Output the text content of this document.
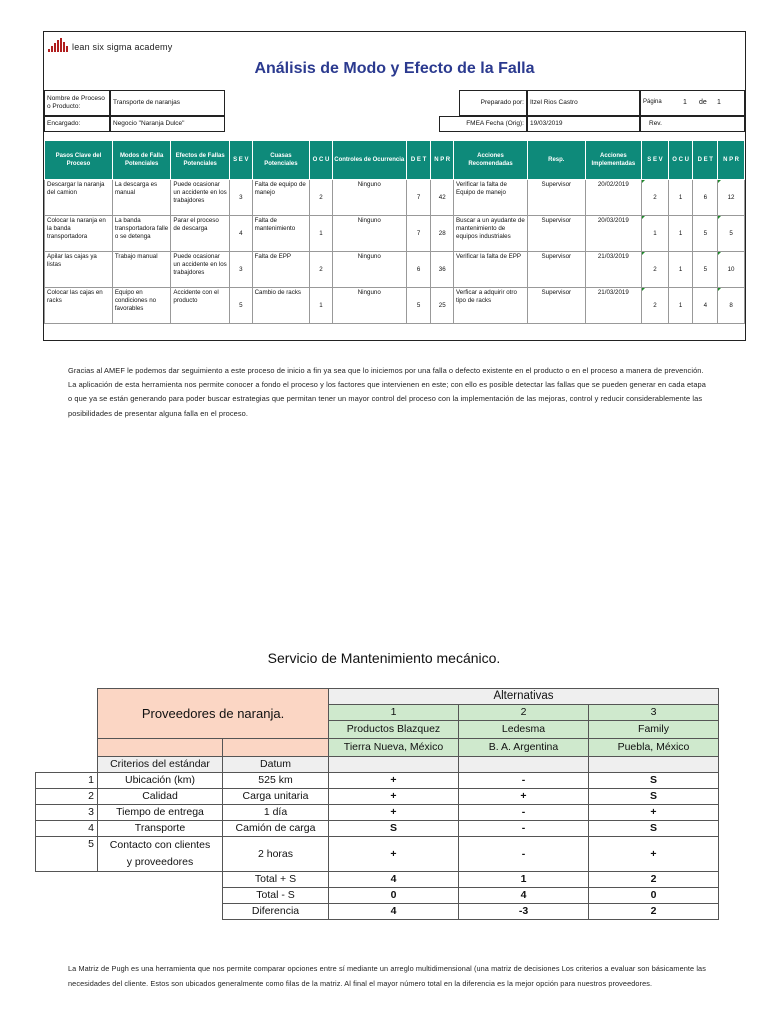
lean six sigma academy
Análisis de Modo y Efecto de la Falla
Nombre de Proceso o Producto:
Transporte de naranjas
Encargado:	Negocio "Naranja Dulce"
Preparado por: Itzel Rios Castro	Página	1	de	1
FMEA Fecha (Orig): 19/03/2019	Rev.
Pasos Clave del Proceso	Modos de Falla Potenciales	Efectos de Fallas Potenciales	S E V	Cuasas Potenciales	O C U	Controles de Ocurrencia	D E T	N P R	Acciones Recomendadas	Resp.	Acciones Implementadas	S E V	O C U	D E T	N P R
Descargar la naranja del camion	La descarga es manual	Puede ocasionar un accidente en los trabajdores	3	Falta de equipo de manejo	2	Ninguno	7	42	Verificar la falta de Equipo de manejo	Supervisor	20/02/2019	2	1	6	12
Colocar la naranja en la banda transportadora	La banda transportadora falle o se detenga	Parar el proceso de descarga	4	Falta de mantenimiento	1	Ninguno	7	28	Buscar a un ayudante de mantenimiento de equipos industriales	Supervisor	20/03/2019	1	1	5	5
Apilar las cajas ya listas	Trabajo manual	Puede ocasionar un accidente en los trabajdores	3	Falta de EPP	2	Ninguno	6	36	Verificar la falta de EPP	Supervisor	21/03/2019	2	1	5	10
Colocar las cajas en racks	Equipo en condiciones no favorables	Accidente con el producto	5	Cambio de racks	1	Ninguno	5	25	Verficar a adquirir otro tipo de racks	Supervisor	21/03/2019	2	1	4	8
Gracias al AMEF le podemos dar seguimiento a este proceso de inicio a fin ya sea que lo iniciemos por una falla o defecto existente en el producto o en el proceso a manera de prevención. La aplicación de esta herramienta nos permite conocer a fondo el proceso y los factores que intervienen en este; con ello es posible detectar las fallas que se pueden generar en cada etapa o que ya se están generando para poder buscar estrategias que permitan tener un mayor control del proceso con la implementación de las mejoras, control y reducir considerablemente las posibilidades de presentar alguna falla en el proceso.
Servicio de Mantenimiento mecánico.
	Proveedores de naranja.		Alternativas		
			1	2	3
			Productos Blazquez	Ledesma	Family
			Tierra Nueva, México	B. A. Argentina	Puebla, México
	Criterios del estándar	Datum			
1	Ubicación (km)	525 km	+	-	S
2	Calidad	Carga unitaria	+	+	S
3	Tiempo de entrega	1 día	+	-	+
4	Transporte	Camión de carga	S	-	S
5	Contacto con clientes
y proveedores	2 horas	+	-	+

		Total + S	4	1	2
		Total - S	0	4	0
		Diferencia	4	-3	2
La Matriz de Pugh es una herramienta que nos permite comparar opciones entre sí mediante un arreglo multidimensional (una matriz de decisiones Los criterios a evaluar son básicamente las necesidades del cliente. Estos son ubicados generalmente como filas de la matriz. Al final el mayor número total en la diferencia es la mejor opción para nuestros proveedores.
